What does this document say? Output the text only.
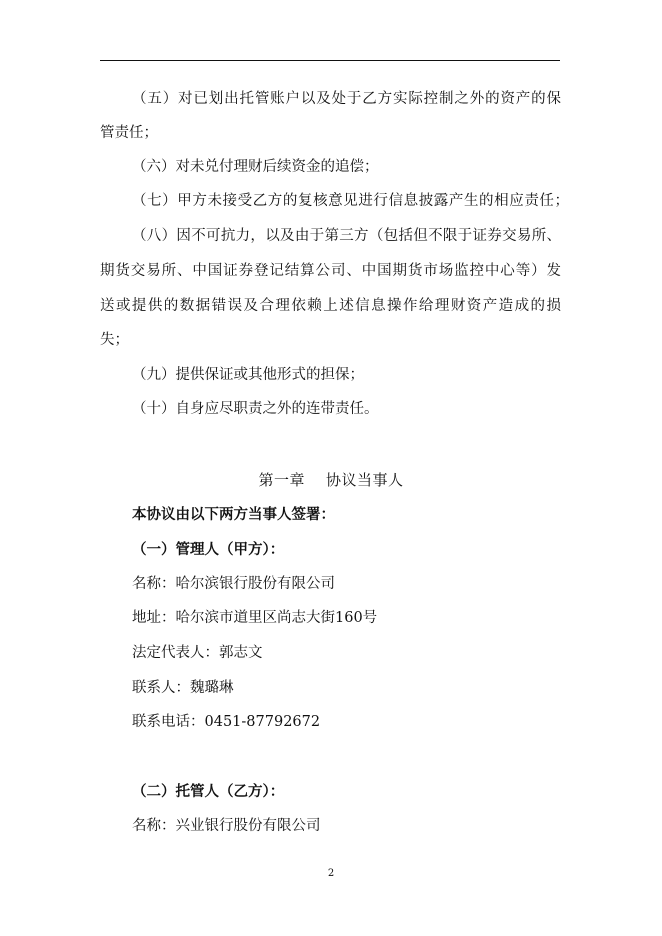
（五）对已划出托管账户以及处于乙方实际控制之外的资产的保
管责任；
（六）对未兑付理财后续资金的追偿；
（七）甲方未接受乙方的复核意见进行信息披露产生的相应责任；
（八）因不可抗力，以及由于第三方（包括但不限于证券交易所、
期货交易所、中国证券登记结算公司、中国期货市场监控中心等）发
送或提供的数据错误及合理依赖上述信息操作给理财资产造成的损
失；
（九）提供保证或其他形式的担保；
（十）自身应尽职责之外的连带责任。
第一章    协议当事人
本协议由以下两方当事人签署：
（一）管理人（甲方）：
名称：哈尔滨银行股份有限公司
地址：哈尔滨市道里区尚志大街160号
法定代表人：郭志文
联系人：魏璐琳
联系电话：0451-87792672
（二）托管人（乙方）：
名称：兴业银行股份有限公司
2
